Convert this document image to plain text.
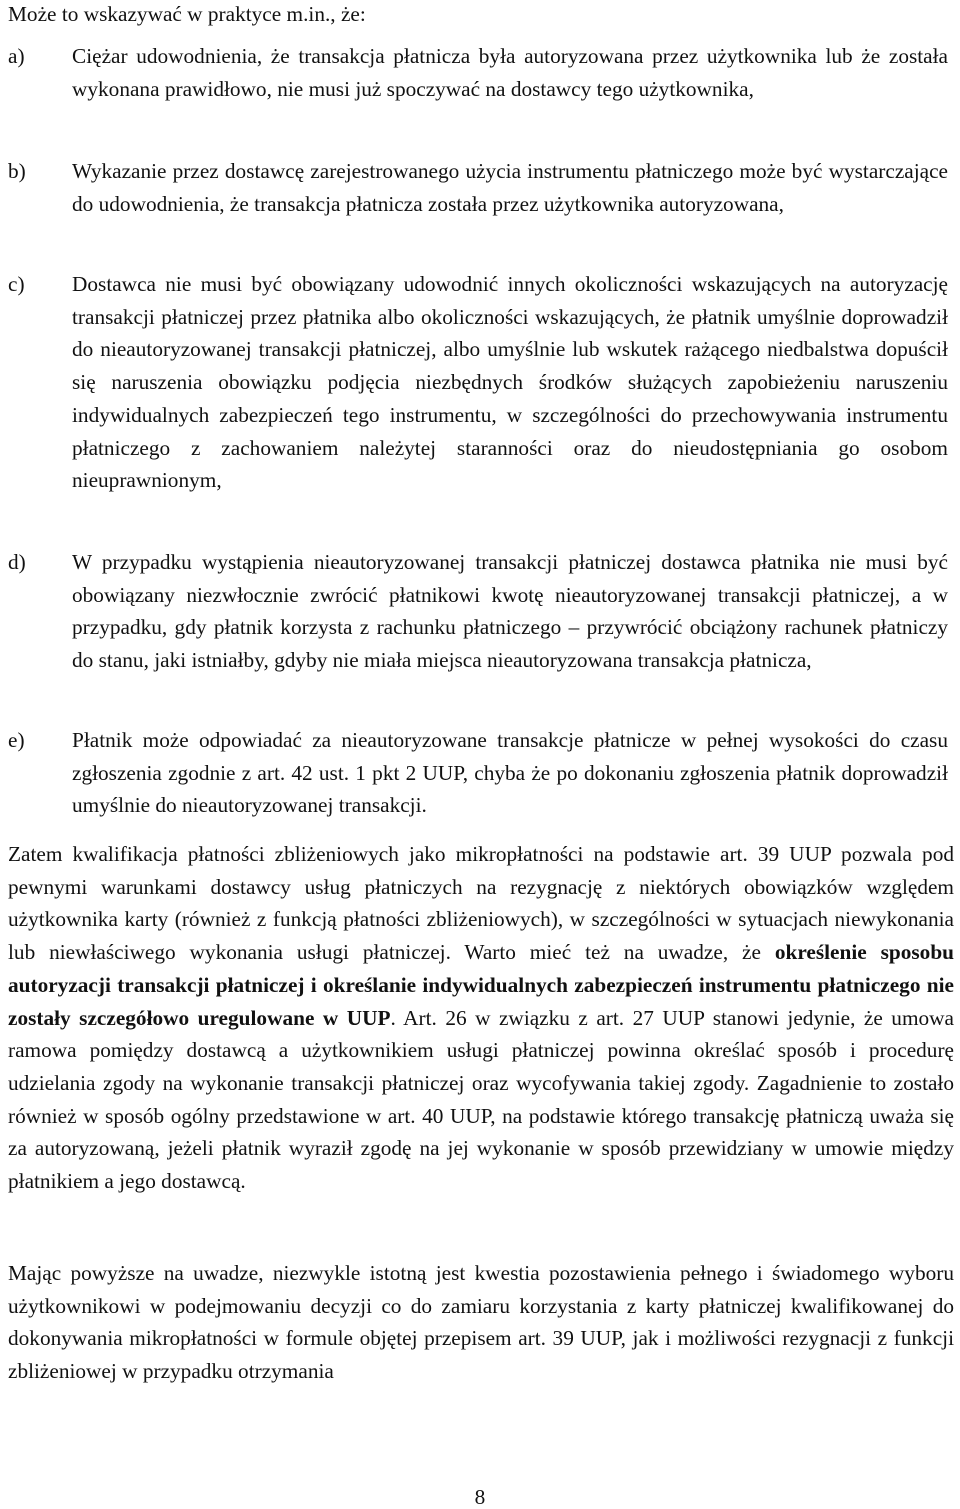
Może to wskazywać w praktyce m.in., że:

a)	Ciężar udowodnienia, że transakcja płatnicza była autoryzowana przez użytkownika lub że została wykonana prawidłowo, nie musi już spoczywać na dostawcy tego użytkownika,

b)	Wykazanie przez dostawcę zarejestrowanego użycia instrumentu płatniczego może być wystarczające do udowodnienia, że transakcja płatnicza została przez użytkownika autoryzowana,

c)	Dostawca nie musi być obowiązany udowodnić innych okoliczności wskazujących na autoryzację transakcji płatniczej przez płatnika albo okoliczności wskazujących, że płatnik umyślnie doprowadził do nieautoryzowanej transakcji płatniczej, albo umyślnie lub wskutek rażącego niedbalstwa dopuścił się naruszenia obowiązku podjęcia niezbędnych środków służących zapobieżeniu naruszeniu indywidualnych zabezpieczeń tego instrumentu, w szczególności do przechowywania instrumentu płatniczego z zachowaniem należytej staranności oraz do nieudostępniania go osobom nieuprawnionym,

d)	W przypadku wystąpienia nieautoryzowanej transakcji płatniczej dostawca płatnika nie musi być obowiązany niezwłocznie zwrócić płatnikowi kwotę nieautoryzowanej transakcji płatniczej, a w przypadku, gdy płatnik korzysta z rachunku płatniczego – przywrócić obciążony rachunek płatniczy do stanu, jaki istniałby, gdyby nie miała miejsca nieautoryzowana transakcja płatnicza,

e)	Płatnik może odpowiadać za nieautoryzowane transakcje płatnicze w pełnej wysokości do czasu zgłoszenia zgodnie z art. 42 ust. 1 pkt 2 UUP, chyba że po dokonaniu zgłoszenia płatnik doprowadził umyślnie do nieautoryzowanej transakcji.

Zatem kwalifikacja płatności zbliżeniowych jako mikropłatności na podstawie art. 39 UUP pozwala pod pewnymi warunkami dostawcy usług płatniczych na rezygnację z niektórych obowiązków względem użytkownika karty (również z funkcją płatności zbliżeniowych), w szczególności w sytuacjach niewykonania lub niewłaściwego wykonania usługi płatniczej. Warto mieć też na uwadze, że określenie sposobu autoryzacji transakcji płatniczej i określanie indywidualnych zabezpieczeń instrumentu płatniczego nie zostały szczegółowo uregulowane w UUP. Art. 26 w związku z art. 27 UUP stanowi jedynie, że umowa ramowa pomiędzy dostawcą a użytkownikiem usługi płatniczej powinna określać sposób i procedurę udzielania zgody na wykonanie transakcji płatniczej oraz wycofywania takiej zgody. Zagadnienie to zostało również w sposób ogólny przedstawione w art. 40 UUP, na podstawie którego transakcję płatniczą uważa się za autoryzowaną, jeżeli płatnik wyraził zgodę na jej wykonanie w sposób przewidziany w umowie między płatnikiem a jego dostawcą.

Mając powyższe na uwadze, niezwykle istotną jest kwestia pozostawienia pełnego i świadomego wyboru użytkownikowi w podejmowaniu decyzji co do zamiaru korzystania z karty płatniczej kwalifikowanej do dokonywania mikropłatności w formule objętej przepisem art. 39 UUP, jak i możliwości rezygnacji z funkcji zbliżeniowej w przypadku otrzymania

8
